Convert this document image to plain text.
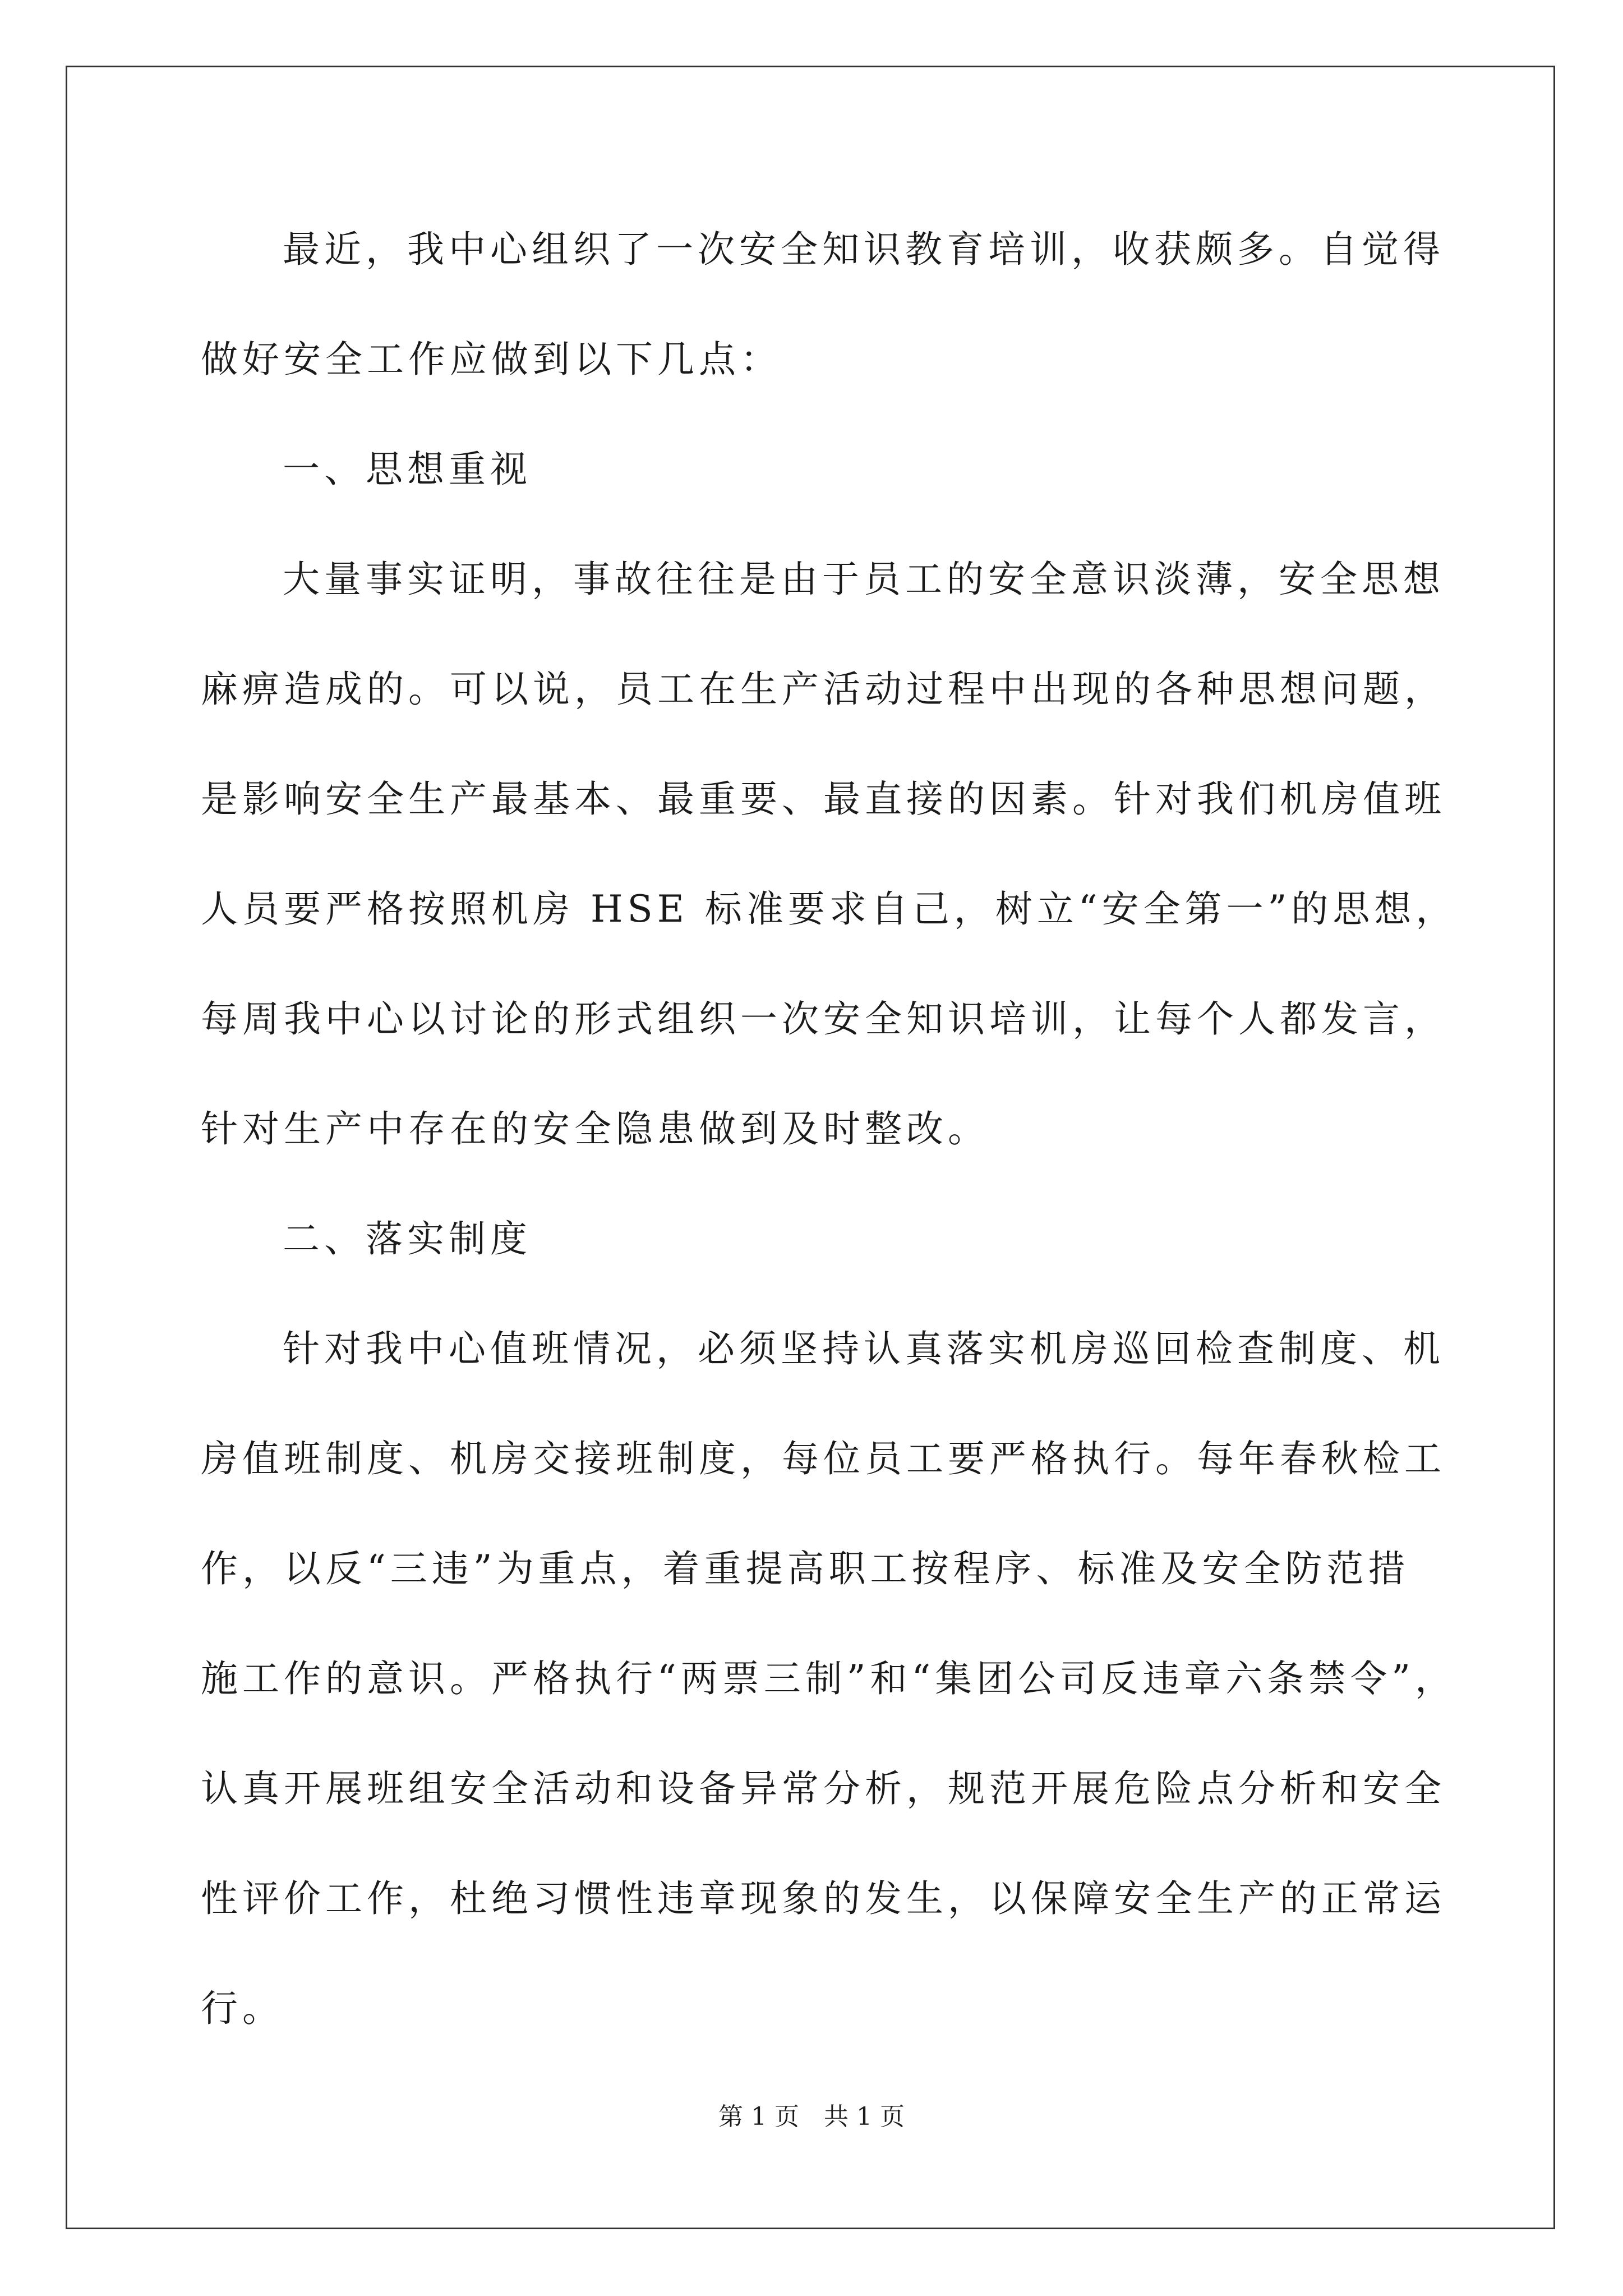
最近，我中心组织了一次安全知识教育培训，收获颇多。自觉得
做好安全工作应做到以下几点：
一、思想重视
大量事实证明，事故往往是由于员工的安全意识淡薄，安全思想
麻痹造成的。可以说，员工在生产活动过程中出现的各种思想问题，
是影响安全生产最基本、最重要、最直接的因素。针对我们机房值班
人员要严格按照机房 HSE 标准要求自己，树立“安全第一”的思想，
每周我中心以讨论的形式组织一次安全知识培训，让每个人都发言，
针对生产中存在的安全隐患做到及时整改。
二、落实制度
针对我中心值班情况，必须坚持认真落实机房巡回检查制度、机
房值班制度、机房交接班制度，每位员工要严格执行。每年春秋检工
作，以反“三违”为重点，着重提高职工按程序、标准及安全防范措
施工作的意识。严格执行“两票三制”和“集团公司反违章六条禁令”，
认真开展班组安全活动和设备异常分析，规范开展危险点分析和安全
性评价工作，杜绝习惯性违章现象的发生，以保障安全生产的正常运
行。
第 1 页　共 1 页
